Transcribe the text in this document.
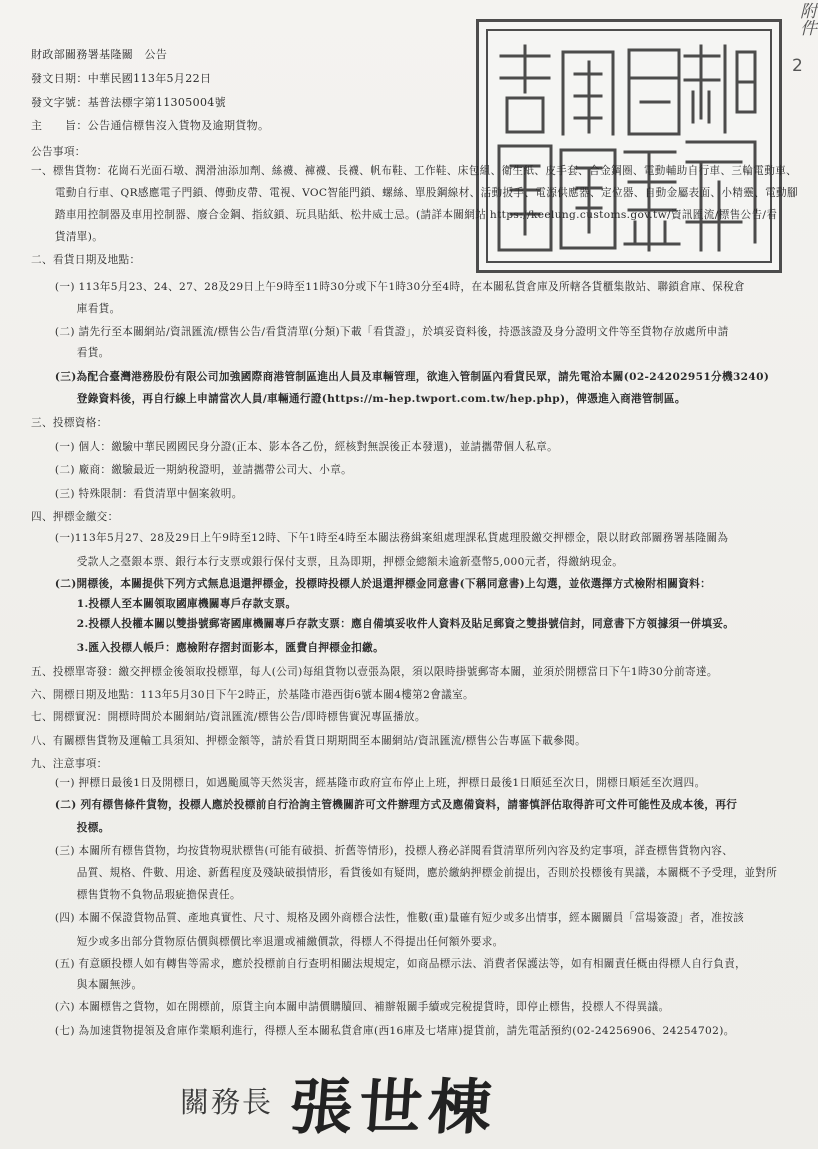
附件
2
財政部關務署基隆關　公告
發文日期：中華民國113年5月22日
發文字號：基普法標字第11305004號
主　　旨：公告通信標售沒入貨物及逾期貨物。
公告事項：
一、標售貨物：花崗石光面石墩、潤滑油添加劑、絲襪、褲襪、長襪、帆布鞋、工作鞋、床包組、衛生紙、皮手套、合金鋼圈、電動輔助自行車、三輪電動車、
　　電動自行車、QR感應電子門鎖、傳動皮帶、電視、VOC智能門鎖、螺絲、單股鋼線材、活動扳手、電源供應器、定位器、自動金屬表面、小精靈、電動腳
　　踏車用控制器及車用控制器、廢合金鋼、指紋鎖、玩具貼紙、松井威士忌。(請詳本關網站 https://keelung.customs.gov.tw/資訊匯流/標售公告/看
　　貨清單)。
二、看貨日期及地點：
　　(一) 113年5月23、24、27、28及29日上午9時至11時30分或下午1時30分至4時，在本關私貨倉庫及所轄各貨櫃集散站、聯鎖倉庫、保稅倉
　　　　庫看貨。
　　(二) 請先行至本關網站/資訊匯流/標售公告/看貨清單(分類)下載「看貨證」，於填妥資料後，持憑該證及身分證明文件等至貨物存放處所申請
　　　　看貨。
　　(三)為配合臺灣港務股份有限公司加強國際商港管制區進出人員及車輛管理，欲進入管制區內看貨民眾，請先電洽本關(02-24202951分機3240)
　　　　登錄資料後，再自行線上申請當次人員/車輛通行證(https://m-hep.twport.com.tw/hep.php)，俾憑進入商港管制區。
三、投標資格：
　　(一) 個人：繳驗中華民國國民身分證(正本、影本各乙份，經核對無誤後正本發還)，並請攜帶個人私章。
　　(二) 廠商：繳驗最近一期納稅證明，並請攜帶公司大、小章。
　　(三) 特殊限制：看貨清單中個案敘明。
四、押標金繳交：
　　(一)113年5月27、28及29日上午9時至12時、下午1時至4時至本關法務緝案組處理課私貨處理股繳交押標金，限以財政部關務署基隆關為
　　　　受款人之臺銀本票、銀行本行支票或銀行保付支票，且為即期，押標金總額未逾新臺幣5,000元者，得繳納現金。
　　(二)開標後，本關提供下列方式無息退還押標金，投標時投標人於退還押標金同意書(下稱同意書)上勾選，並依選擇方式檢附相關資料：
　　　　1.投標人至本關領取國庫機關專戶存款支票。
　　　　2.投標人投權本關以雙掛號郵寄國庫機關專戶存款支票：應自備填妥收件人資料及貼足郵資之雙掛號信封，同意書下方領據須一併填妥。
　　　　3.匯入投標人帳戶：應檢附存摺封面影本，匯費自押標金扣繳。
五、投標單寄發：繳交押標金後領取投標單，每人(公司)每組貨物以壹張為限，須以限時掛號郵寄本關，並須於開標當日下午1時30分前寄達。
六、開標日期及地點：113年5月30日下午2時正，於基隆市港西街6號本關4樓第2會議室。
七、開標實況：開標時間於本關網站/資訊匯流/標售公告/即時標售實況專區播放。
八、有關標售貨物及運輸工具須知、押標金額等，請於看貨日期期間至本關網站/資訊匯流/標售公告專區下載參閱。
九、注意事項：
　　(一) 押標日最後1日及開標日，如遇颱風等天然災害，經基隆市政府宣布停止上班，押標日最後1日順延至次日，開標日順延至次週四。
　　(二) 列有標售條件貨物，投標人應於投標前自行洽詢主管機關許可文件辦理方式及應備資料，請審慎評估取得許可文件可能性及成本後，再行
　　　　投標。
　　(三) 本關所有標售貨物，均按貨物現狀標售(可能有破損、折舊等情形)，投標人務必詳閱看貨清單所列內容及約定事項，詳查標售貨物內容、
　　　　品質、規格、件數、用途、新舊程度及殘缺破損情形，看貨後如有疑問，應於繳納押標金前提出，否則於投標後有異議，本關概不予受理，並對所
　　　　標售貨物不負物品瑕疵擔保責任。
　　(四) 本關不保證貨物品質、產地真實性、尺寸、規格及國外商標合法性，惟數(重)量確有短少或多出情事，經本關關員「當場簽證」者，准按該
　　　　短少或多出部分貨物原估價與標價比率退還或補繳價款，得標人不得提出任何額外要求。
　　(五) 有意願投標人如有轉售等需求，應於投標前自行查明相關法規規定，如商品標示法、消費者保護法等，如有相關責任概由得標人自行負責，
　　　　與本關無涉。
　　(六) 本關標售之貨物，如在開標前，原貨主向本關申請價購贖回、補辦報關手續或完稅提貨時，即停止標售，投標人不得異議。
　　(七) 為加速貨物提領及倉庫作業順利進行，得標人至本關私貨倉庫(西16庫及七堵庫)提貨前，請先電話預約(02-24256906、24254702)。
關務長 張世棟
